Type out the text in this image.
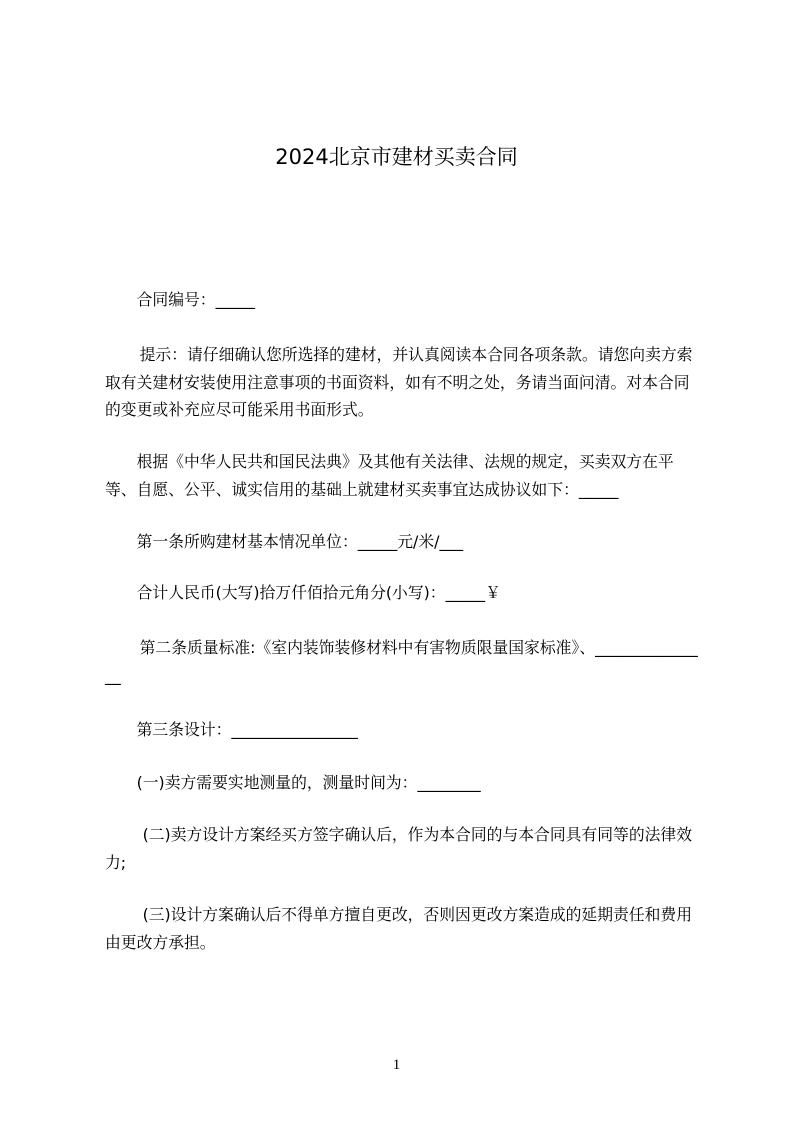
2024北京市建材买卖合同

合同编号：_____

提示：请仔细确认您所选择的建材，并认真阅读本合同各项条款。请您向卖方索取有关建材安装使用注意事项的书面资料，如有不明之处，务请当面问清。对本合同的变更或补充应尽可能采用书面形式。

根据《中华人民共和国民法典》及其他有关法律、法规的规定，买卖双方在平等、自愿、公平、诚实信用的基础上就建材买卖事宜达成协议如下：_____

第一条所购建材基本情况单位：_____元/米/___

合计人民币(大写)拾万仟佰拾元角分(小写)：_____￥

第二条质量标准:《室内装饰装修材料中有害物质限量国家标准》、_______________

第三条设计：________________

(一)卖方需要实地测量的，测量时间为：________

(二)卖方设计方案经买方签字确认后，作为本合同的与本合同具有同等的法律效力;

(三)设计方案确认后不得单方擅自更改，否则因更改方案造成的延期责任和费用由更改方承担。

1
